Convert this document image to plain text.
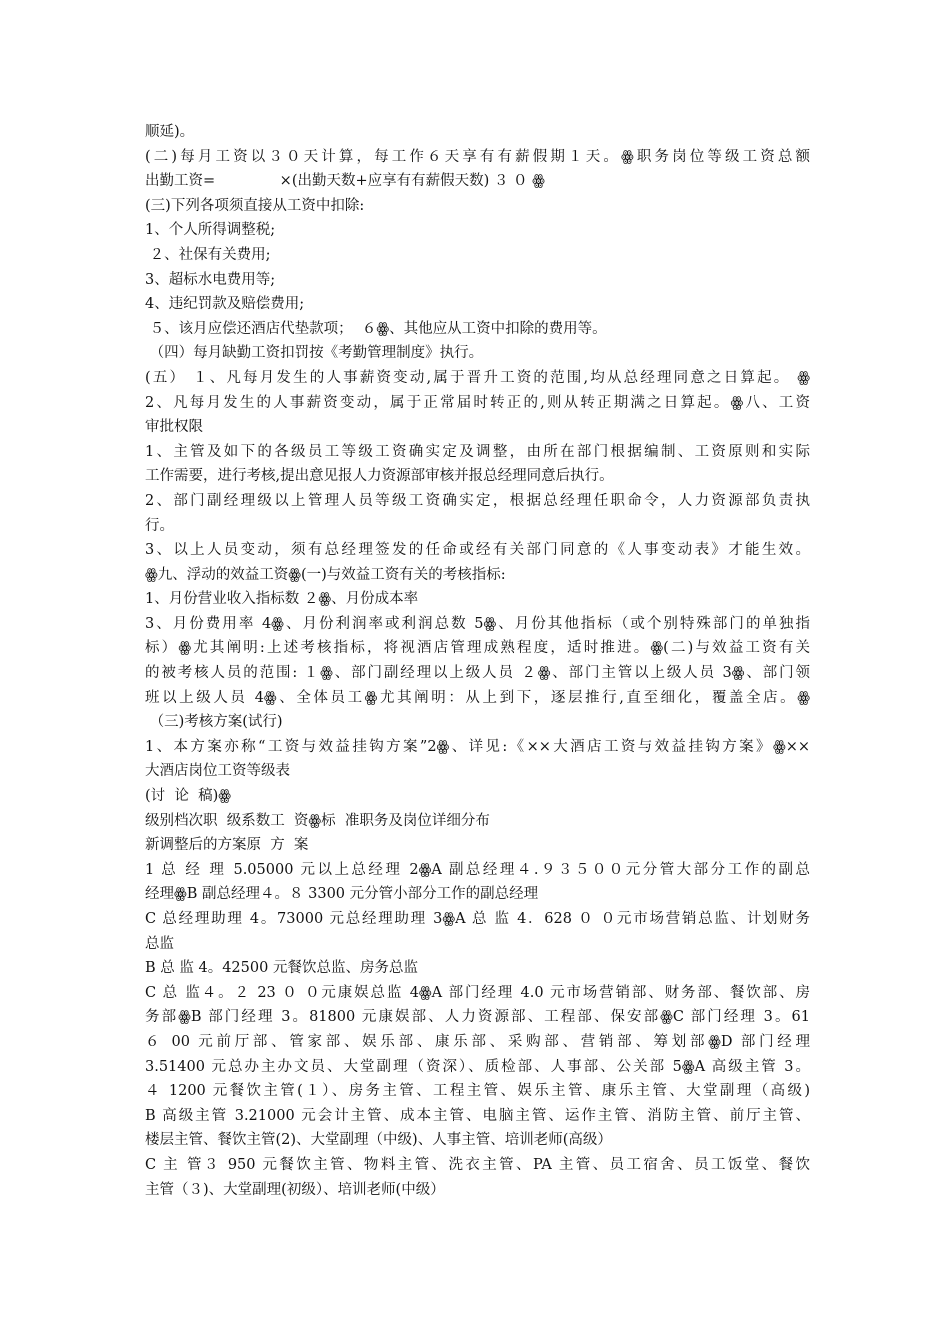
顺延)。
(二)每月工资以３０天计算，每工作６天享有有薪假期１天。ꙮ职务岗位等级工资总额
出勤工资=              ×(出勤天数+应享有有薪假天数) ３ ０ ꙮ
(三)下列各项须直接从工资中扣除:
1、个人所得调整税;
２、社保有关费用;
3、超标水电费用等;
4、违纪罚款及赔偿费用;
５、该月应偿还酒店代垫款项；  ６ꙮ、其他应从工资中扣除的费用等。
（四）每月缺勤工资扣罚按《考勤管理制度》执行。
(五） １、凡每月发生的人事薪资变动,属于晋升工资的范围,均从总经理同意之日算起。 ꙮ
2、凡每月发生的人事薪资变动，属于正常届时转正的,则从转正期满之日算起。ꙮ八、工资
审批权限
1、主管及如下的各级员工等级工资确实定及调整，由所在部门根据编制、工资原则和实际
工作需要，进行考核,提出意见报人力资源部审核并报总经理同意后执行。
2、部门副经理级以上管理人员等级工资确实定，根据总经理任职命令，人力资源部负责执
行。
3、以上人员变动，须有总经理签发的任命或经有关部门同意的《人事变动表》才能生效。
ꙮ九、浮动的效益工资ꙮ(一)与效益工资有关的考核指标:
1、月份营业收入指标数 ２ꙮ、月份成本率
3、月份费用率 4ꙮ、月份利润率或利润总数 5ꙮ、月份其他指标（或个别特殊部门的单独指
标）ꙮ尤其阐明:上述考核指标，将视酒店管理成熟程度，适时推进。ꙮ(二)与效益工资有关
的被考核人员的范围: １ꙮ、部门副经理以上级人员 ２ꙮ、部门主管以上级人员 3ꙮ、部门领
班以上级人员 4ꙮ、全体员工ꙮ尤其阐明：从上到下，逐层推行,直至细化，覆盖全店。ꙮ
（三)考核方案(试行)
1、本方案亦称“工资与效益挂钩方案”2ꙮ、详见:《××大酒店工资与效益挂钩方案》ꙮ××
大酒店岗位工资等级表
(讨  论  稿)ꙮ
级别档次职  级系数工  资ꙮ标  准职务及岗位详细分布
新调整后的方案原  方  案
1 总 经 理 5.05000 元以上总经理 2ꙮA 副总经理４.９３５００元分管大部分工作的副总
经理ꙮB 副总经理４。８ 3300 元分管小部分工作的副总经理
C 总经理助理 4。73000 元总经理助理 3ꙮA 总 监 4．628 ０ ０元市场营销总监、计划财务
总监
B 总 监 4。42500 元餐饮总监、房务总监
C 总 监４。２ 23 ０ ０元康娱总监 4ꙮA 部门经理 4.0 元市场营销部、财务部、餐饮部、房
务部ꙮB 部门经理 3。81800 元康娱部、人力资源部、工程部、保安部ꙮC 部门经理 3。61
６ 00 元前厅部、管家部、娱乐部、康乐部、采购部、营销部、筹划部ꙮD 部门经理
3.51400 元总办主办文员、大堂副理（资深）、质检部、人事部、公关部 5ꙮA 高级主管 3。
４ 1200 元餐饮主管(１）、房务主管、工程主管、娱乐主管、康乐主管、大堂副理（高级)
B 高级主管 3.21000 元会计主管、成本主管、电脑主管、运作主管、消防主管、前厅主管、
楼层主管、餐饮主管(2)、大堂副理（中级)、人事主管、培训老师(高级）
C 主 管３ 950 元餐饮主管、物料主管、洗衣主管、PA 主管、员工宿舍、员工饭堂、餐饮
主管（３)、大堂副理(初级）、培训老师(中级）
